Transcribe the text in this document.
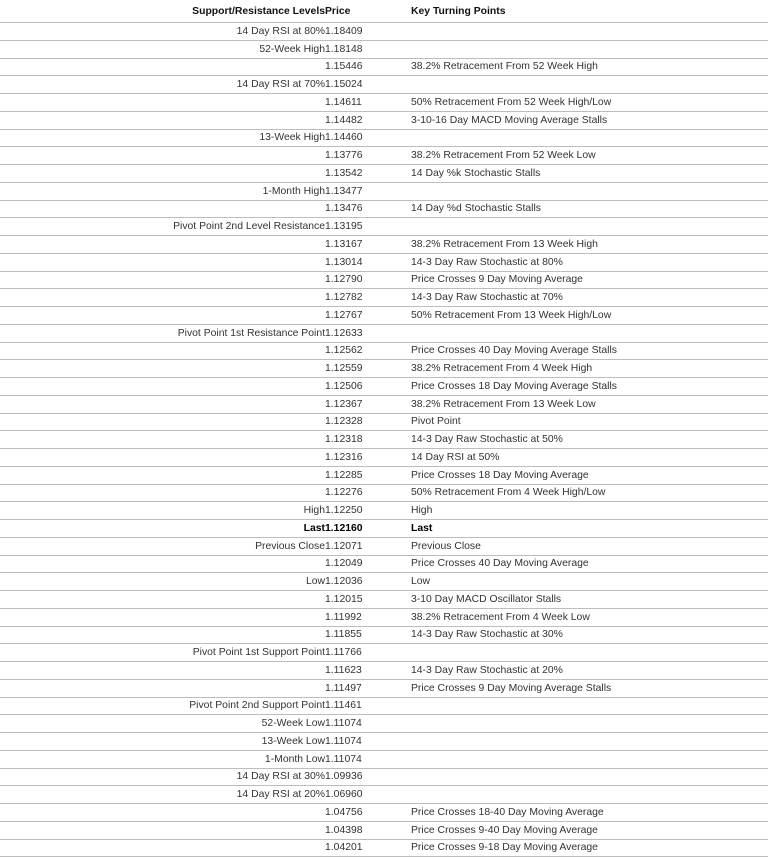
Support/Resistance Levels	Price	Key Turning Points
14 Day RSI at 80%	1.18409	
52-Week High	1.18148	
	1.15446	38.2% Retracement From 52 Week High
14 Day RSI at 70%	1.15024	
	1.14611	50% Retracement From 52 Week High/Low
	1.14482	3-10-16 Day MACD Moving Average Stalls
13-Week High	1.14460	
	1.13776	38.2% Retracement From 52 Week Low
	1.13542	14 Day %k Stochastic Stalls
1-Month High	1.13477	
	1.13476	14 Day %d Stochastic Stalls
Pivot Point 2nd Level Resistance	1.13195	
	1.13167	38.2% Retracement From 13 Week High
	1.13014	14-3 Day Raw Stochastic at 80%
	1.12790	Price Crosses 9 Day Moving Average
	1.12782	14-3 Day Raw Stochastic at 70%
	1.12767	50% Retracement From 13 Week High/Low
Pivot Point 1st Resistance Point	1.12633	
	1.12562	Price Crosses 40 Day Moving Average Stalls
	1.12559	38.2% Retracement From 4 Week High
	1.12506	Price Crosses 18 Day Moving Average Stalls
	1.12367	38.2% Retracement From 13 Week Low
	1.12328	Pivot Point
	1.12318	14-3 Day Raw Stochastic at 50%
	1.12316	14 Day RSI at 50%
	1.12285	Price Crosses 18 Day Moving Average
	1.12276	50% Retracement From 4 Week High/Low
High	1.12250	High
Last	1.12160	Last
Previous Close	1.12071	Previous Close
	1.12049	Price Crosses 40 Day Moving Average
Low	1.12036	Low
	1.12015	3-10 Day MACD Oscillator Stalls
	1.11992	38.2% Retracement From 4 Week Low
	1.11855	14-3 Day Raw Stochastic at 30%
Pivot Point 1st Support Point	1.11766	
	1.11623	14-3 Day Raw Stochastic at 20%
	1.11497	Price Crosses 9 Day Moving Average Stalls
Pivot Point 2nd Support Point	1.11461	
52-Week Low	1.11074	
13-Week Low	1.11074	
1-Month Low	1.11074	
14 Day RSI at 30%	1.09936	
14 Day RSI at 20%	1.06960	
	1.04756	Price Crosses 18-40 Day Moving Average
	1.04398	Price Crosses 9-40 Day Moving Average
	1.04201	Price Crosses 9-18 Day Moving Average
